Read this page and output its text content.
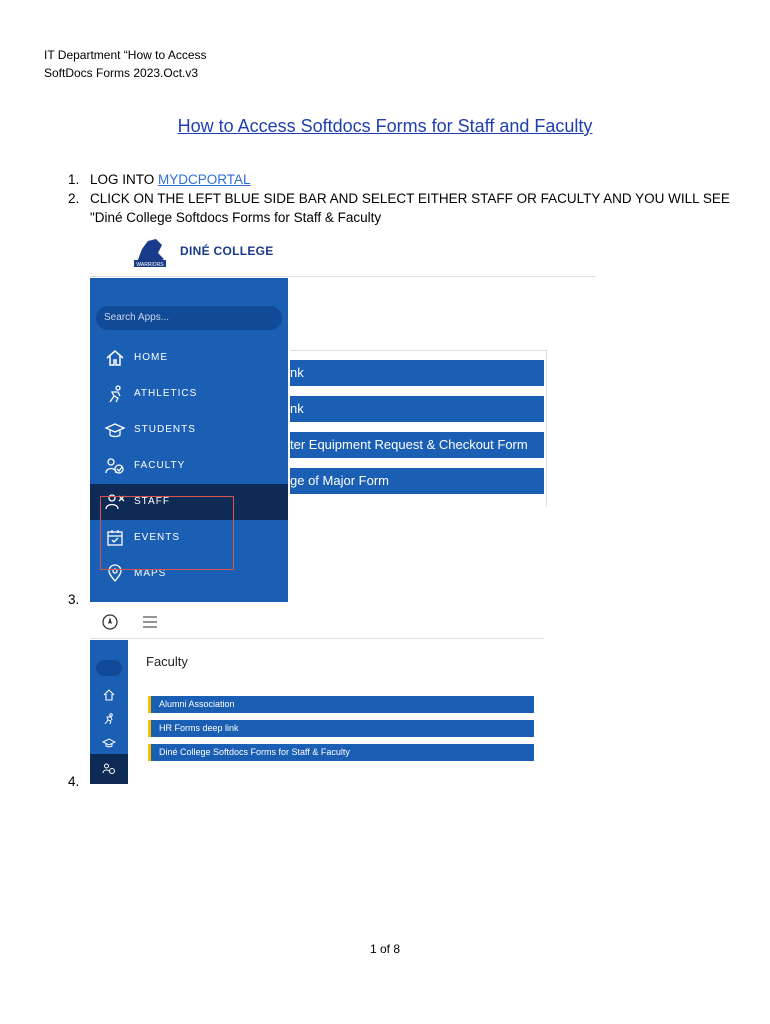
IT Department “How to Access
SoftDocs Forms 2023.Oct.v3
How to Access Softdocs Forms for Staff and Faculty
1. LOG INTO MYDCPORTAL
2. CLICK ON THE LEFT BLUE SIDE BAR AND SELECT EITHER STAFF OR FACULTY AND YOU WILL SEE
"Diné College Softdocs Forms for Staff & Faculty
WARRIORS
DINÉ COLLEGE
Search Apps...
HOME
ATHLETICS
STUDENTS
FACULTY
STAFF
EVENTS
MAPS
nk
nk
ter Equipment Request & Checkout Form
ge of Major Form
3.
Faculty
Alumni Association
HR Forms deep link
Diné College Softdocs Forms for Staff & Faculty
4.
1 of 8
